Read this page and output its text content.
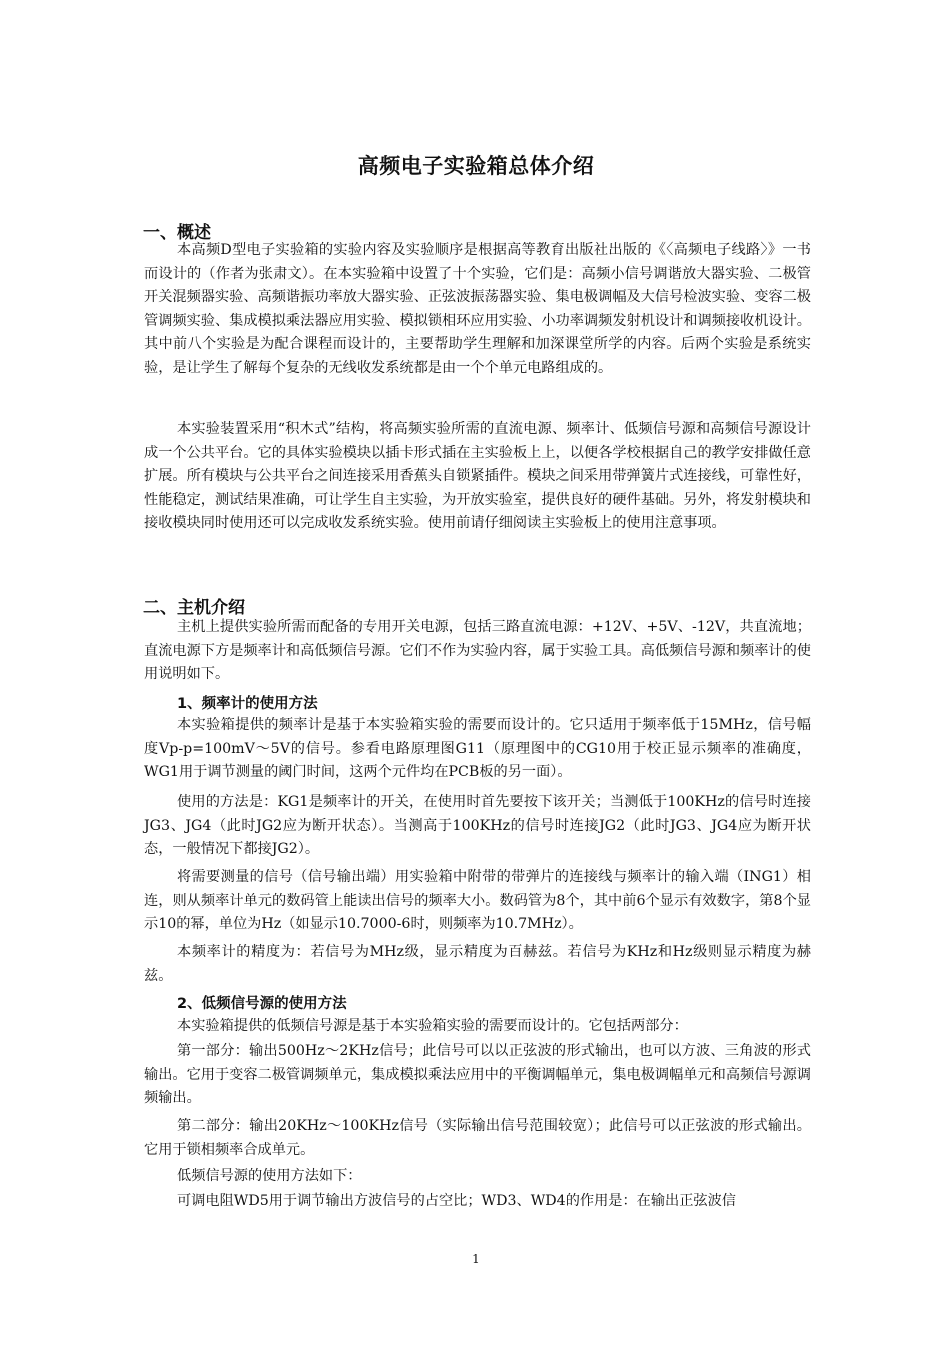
高频电子实验箱总体介绍
一、概述

本高频D型电子实验箱的实验内容及实验顺序是根据高等教育出版社出版的《〈高频电子线路〉》一书而设计的（作者为张肃文）。在本实验箱中设置了十个实验，它们是：高频小信号调谐放大器实验、二极管开关混频器实验、高频谐振功率放大器实验、正弦波振荡器实验、集电极调幅及大信号检波实验、变容二极管调频实验、集成模拟乘法器应用实验、模拟锁相环应用实验、小功率调频发射机设计和调频接收机设计。其中前八个实验是为配合课程而设计的，主要帮助学生理解和加深课堂所学的内容。后两个实验是系统实验，是让学生了解每个复杂的无线收发系统都是由一个个单元电路组成的。

本实验装置采用“积木式”结构，将高频实验所需的直流电源、频率计、低频信号源和高频信号源设计成一个公共平台。它的具体实验模块以插卡形式插在主实验板上上，以便各学校根据自己的教学安排做任意扩展。所有模块与公共平台之间连接采用香蕉头自锁紧插件。模块之间采用带弹簧片式连接线，可靠性好，性能稳定，测试结果准确，可让学生自主实验，为开放实验室，提供良好的硬件基础。另外，将发射模块和接收模块同时使用还可以完成收发系统实验。使用前请仔细阅读主实验板上的使用注意事项。

二、主机介绍

主机上提供实验所需而配备的专用开关电源，包括三路直流电源：+12V、+5V、-12V，共直流地；直流电源下方是频率计和高低频信号源。它们不作为实验内容，属于实验工具。高低频信号源和频率计的使用说明如下。

1、频率计的使用方法

本实验箱提供的频率计是基于本实验箱实验的需要而设计的。它只适用于频率低于15MHz，信号幅度Vp-p=100mV～5V的信号。参看电路原理图G11（原理图中的CG10用于校正显示频率的准确度，WG1用于调节测量的阈门时间，这两个元件均在PCB板的另一面）。

使用的方法是：KG1是频率计的开关，在使用时首先要按下该开关；当测低于100KHz的信号时连接JG3、JG4（此时JG2应为断开状态）。当测高于100KHz的信号时连接JG2（此时JG3、JG4应为断开状态，一般情况下都接JG2）。

将需要测量的信号（信号输出端）用实验箱中附带的带弹片的连接线与频率计的输入端（ING1）相连，则从频率计单元的数码管上能读出信号的频率大小。数码管为8个，其中前6个显示有效数字，第8个显示10的幂，单位为Hz（如显示10.7000-6时，则频率为10.7MHz）。

本频率计的精度为：若信号为MHz级，显示精度为百赫兹。若信号为KHz和Hz级则显示精度为赫兹。

2、低频信号源的使用方法

本实验箱提供的低频信号源是基于本实验箱实验的需要而设计的。它包括两部分：

第一部分：输出500Hz～2KHz信号；此信号可以以正弦波的形式输出，也可以方波、三角波的形式输出。它用于变容二极管调频单元，集成模拟乘法应用中的平衡调幅单元，集电极调幅单元和高频信号源调频输出。

第二部分：输出20KHz～100KHz信号（实际输出信号范围较宽）；此信号可以正弦波的形式输出。它用于锁相频率合成单元。

低频信号源的使用方法如下：

可调电阻WD5用于调节输出方波信号的占空比；WD3、WD4的作用是：在输出正弦波信

1
